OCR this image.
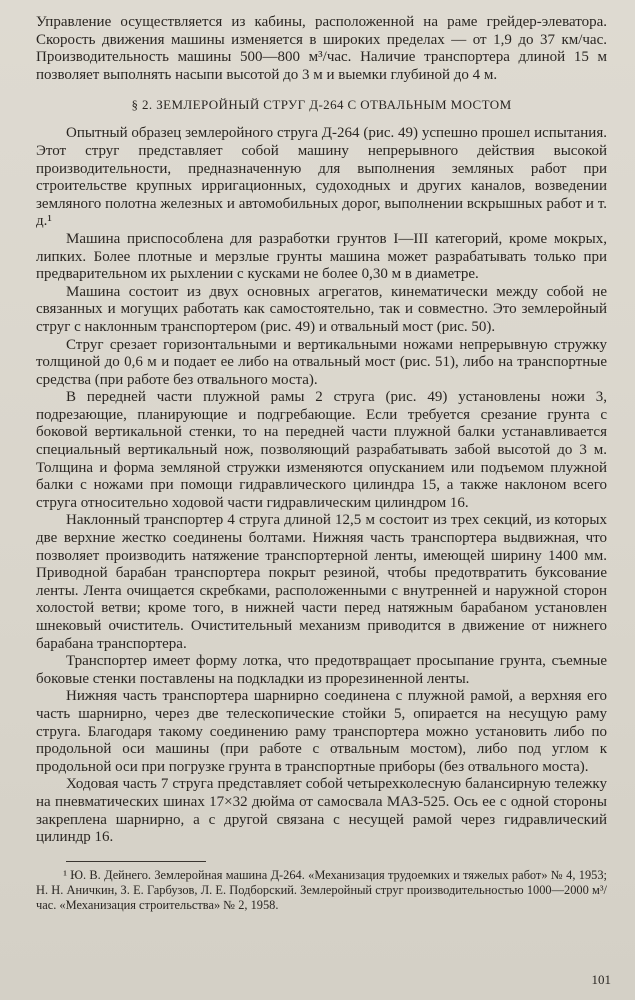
Управление осуществляется из кабины, расположенной на раме грейдер-элеватора. Скорость движения машины изменяется в широких пределах — от 1,9 до 37 км/час. Производительность машины 500—800 м³/час. Наличие транспортера длиной 15 м позволяет выполнять насыпи высотой до 3 м и выемки глубиной до 4 м.

§ 2. ЗЕМЛЕРОЙНЫЙ СТРУГ Д-264 С ОТВАЛЬНЫМ МОСТОМ

Опытный образец землеройного струга Д-264 (рис. 49) успешно прошел испытания. Этот струг представляет собой машину непрерывного действия высокой производительности, предназначенную для выполнения земляных работ при строительстве крупных ирригационных, судоходных и других каналов, возведении земляного полотна железных и автомобильных дорог, выполнении вскрышных работ и т. д.¹

Машина приспособлена для разработки грунтов I—III категорий, кроме мокрых, липких. Более плотные и мерзлые грунты машина может разрабатывать только при предварительном их рыхлении с кусками не более 0,30 м в диаметре.

Машина состоит из двух основных агрегатов, кинематически между собой не связанных и могущих работать как самостоятельно, так и совместно. Это землеройный струг с наклонным транспортером (рис. 49) и отвальный мост (рис. 50).

Струг срезает горизонтальными и вертикальными ножами непрерывную стружку толщиной до 0,6 м и подает ее либо на отвальный мост (рис. 51), либо на транспортные средства (при работе без отвального моста).

В передней части плужной рамы 2 струга (рис. 49) установлены ножи 3, подрезающие, планирующие и подгребающие. Если требуется срезание грунта с боковой вертикальной стенки, то на передней части плужной балки устанавливается специальный вертикальный нож, позволяющий разрабатывать забой высотой до 3 м. Толщина и форма земляной стружки изменяются опусканием или подъемом плужной балки с ножами при помощи гидравлического цилиндра 15, а также наклоном всего струга относительно ходовой части гидравлическим цилиндром 16.

Наклонный транспортер 4 струга длиной 12,5 м состоит из трех секций, из которых две верхние жестко соединены болтами. Нижняя часть транспортера выдвижная, что позволяет производить натяжение транспортерной ленты, имеющей ширину 1400 мм. Приводной барабан транспортера покрыт резиной, чтобы предотвратить буксование ленты. Лента очищается скребками, расположенными с внутренней и наружной сторон холостой ветви; кроме того, в нижней части перед натяжным барабаном установлен шнековый очиститель. Очистительный механизм приводится в движение от нижнего барабана транспортера.

Транспортер имеет форму лотка, что предотвращает просыпание грунта, съемные боковые стенки поставлены на подкладки из прорезиненной ленты.

Нижняя часть транспортера шарнирно соединена с плужной рамой, а верхняя его часть шарнирно, через две телескопические стойки 5, опирается на несущую раму струга. Благодаря такому соединению раму транспортера можно установить либо по продольной оси машины (при работе с отвальным мостом), либо под углом к продольной оси при погрузке грунта в транспортные приборы (без отвального моста).

Ходовая часть 7 струга представляет собой четырехколесную балансирную тележку на пневматических шинах 17×32 дюйма от самосвала МАЗ-525. Ось ее с одной стороны закреплена шарнирно, а с другой связана с несущей рамой через гидравлический цилиндр 16.

¹ Ю. В. Дейнего. Землеройная машина Д-264. «Механизация трудоемких и тяжелых работ» № 4, 1953; Н. Н. Аничкин, З. Е. Гарбузов, Л. Е. Подборский. Землеройный струг производительностью 1000—2000 м³/час. «Механизация строительства» № 2, 1958.

101
